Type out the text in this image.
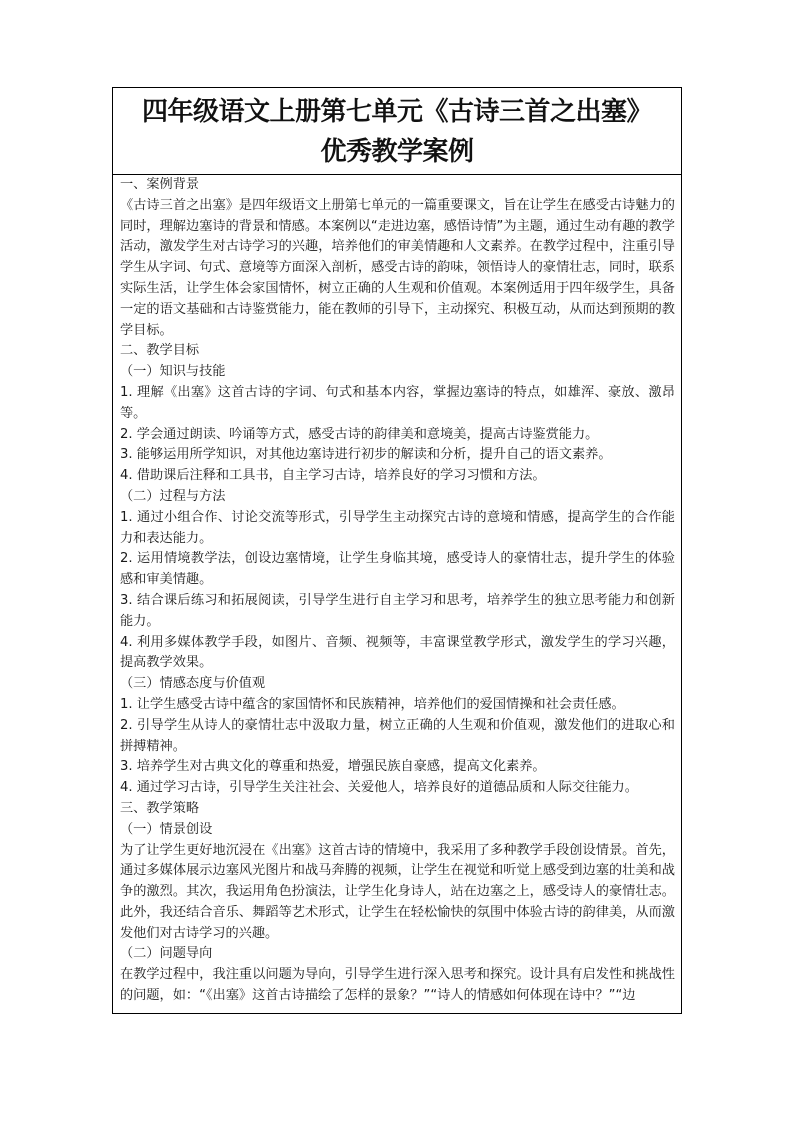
四年级语文上册第七单元《古诗三首之出塞》
优秀教学案例

一、案例背景

《古诗三首之出塞》是四年级语文上册第七单元的一篇重要课文，旨在让学生在感受古诗魅力的同时，理解边塞诗的背景和情感。本案例以“走进边塞，感悟诗情”为主题，通过生动有趣的教学活动，激发学生对古诗学习的兴趣，培养他们的审美情趣和人文素养。在教学过程中，注重引导学生从字词、句式、意境等方面深入剖析，感受古诗的韵味，领悟诗人的豪情壮志，同时，联系实际生活，让学生体会家国情怀，树立正确的人生观和价值观。本案例适用于四年级学生，具备一定的语文基础和古诗鉴赏能力，能在教师的引导下，主动探究、积极互动，从而达到预期的教学目标。

二、教学目标

（一）知识与技能

1. 理解《出塞》这首古诗的字词、句式和基本内容，掌握边塞诗的特点，如雄浑、豪放、激昂等。

2. 学会通过朗读、吟诵等方式，感受古诗的韵律美和意境美，提高古诗鉴赏能力。

3. 能够运用所学知识，对其他边塞诗进行初步的解读和分析，提升自己的语文素养。

4. 借助课后注释和工具书，自主学习古诗，培养良好的学习习惯和方法。

（二）过程与方法

1. 通过小组合作、讨论交流等形式，引导学生主动探究古诗的意境和情感，提高学生的合作能力和表达能力。

2. 运用情境教学法，创设边塞情境，让学生身临其境，感受诗人的豪情壮志，提升学生的体验感和审美情趣。

3. 结合课后练习和拓展阅读，引导学生进行自主学习和思考，培养学生的独立思考能力和创新能力。

4. 利用多媒体教学手段，如图片、音频、视频等，丰富课堂教学形式，激发学生的学习兴趣，提高教学效果。

（三）情感态度与价值观

1. 让学生感受古诗中蕴含的家国情怀和民族精神，培养他们的爱国情操和社会责任感。

2. 引导学生从诗人的豪情壮志中汲取力量，树立正确的人生观和价值观，激发他们的进取心和拼搏精神。

3. 培养学生对古典文化的尊重和热爱，增强民族自豪感，提高文化素养。

4. 通过学习古诗，引导学生关注社会、关爱他人，培养良好的道德品质和人际交往能力。

三、教学策略

（一）情景创设

为了让学生更好地沉浸在《出塞》这首古诗的情境中，我采用了多种教学手段创设情景。首先，通过多媒体展示边塞风光图片和战马奔腾的视频，让学生在视觉和听觉上感受到边塞的壮美和战争的激烈。其次，我运用角色扮演法，让学生化身诗人，站在边塞之上，感受诗人的豪情壮志。此外，我还结合音乐、舞蹈等艺术形式，让学生在轻松愉快的氛围中体验古诗的韵律美，从而激发他们对古诗学习的兴趣。

（二）问题导向

在教学过程中，我注重以问题为导向，引导学生进行深入思考和探究。设计具有启发性和挑战性的问题，如：“《出塞》这首古诗描绘了怎样的景象？”“诗人的情感如何体现在诗中？”“边
